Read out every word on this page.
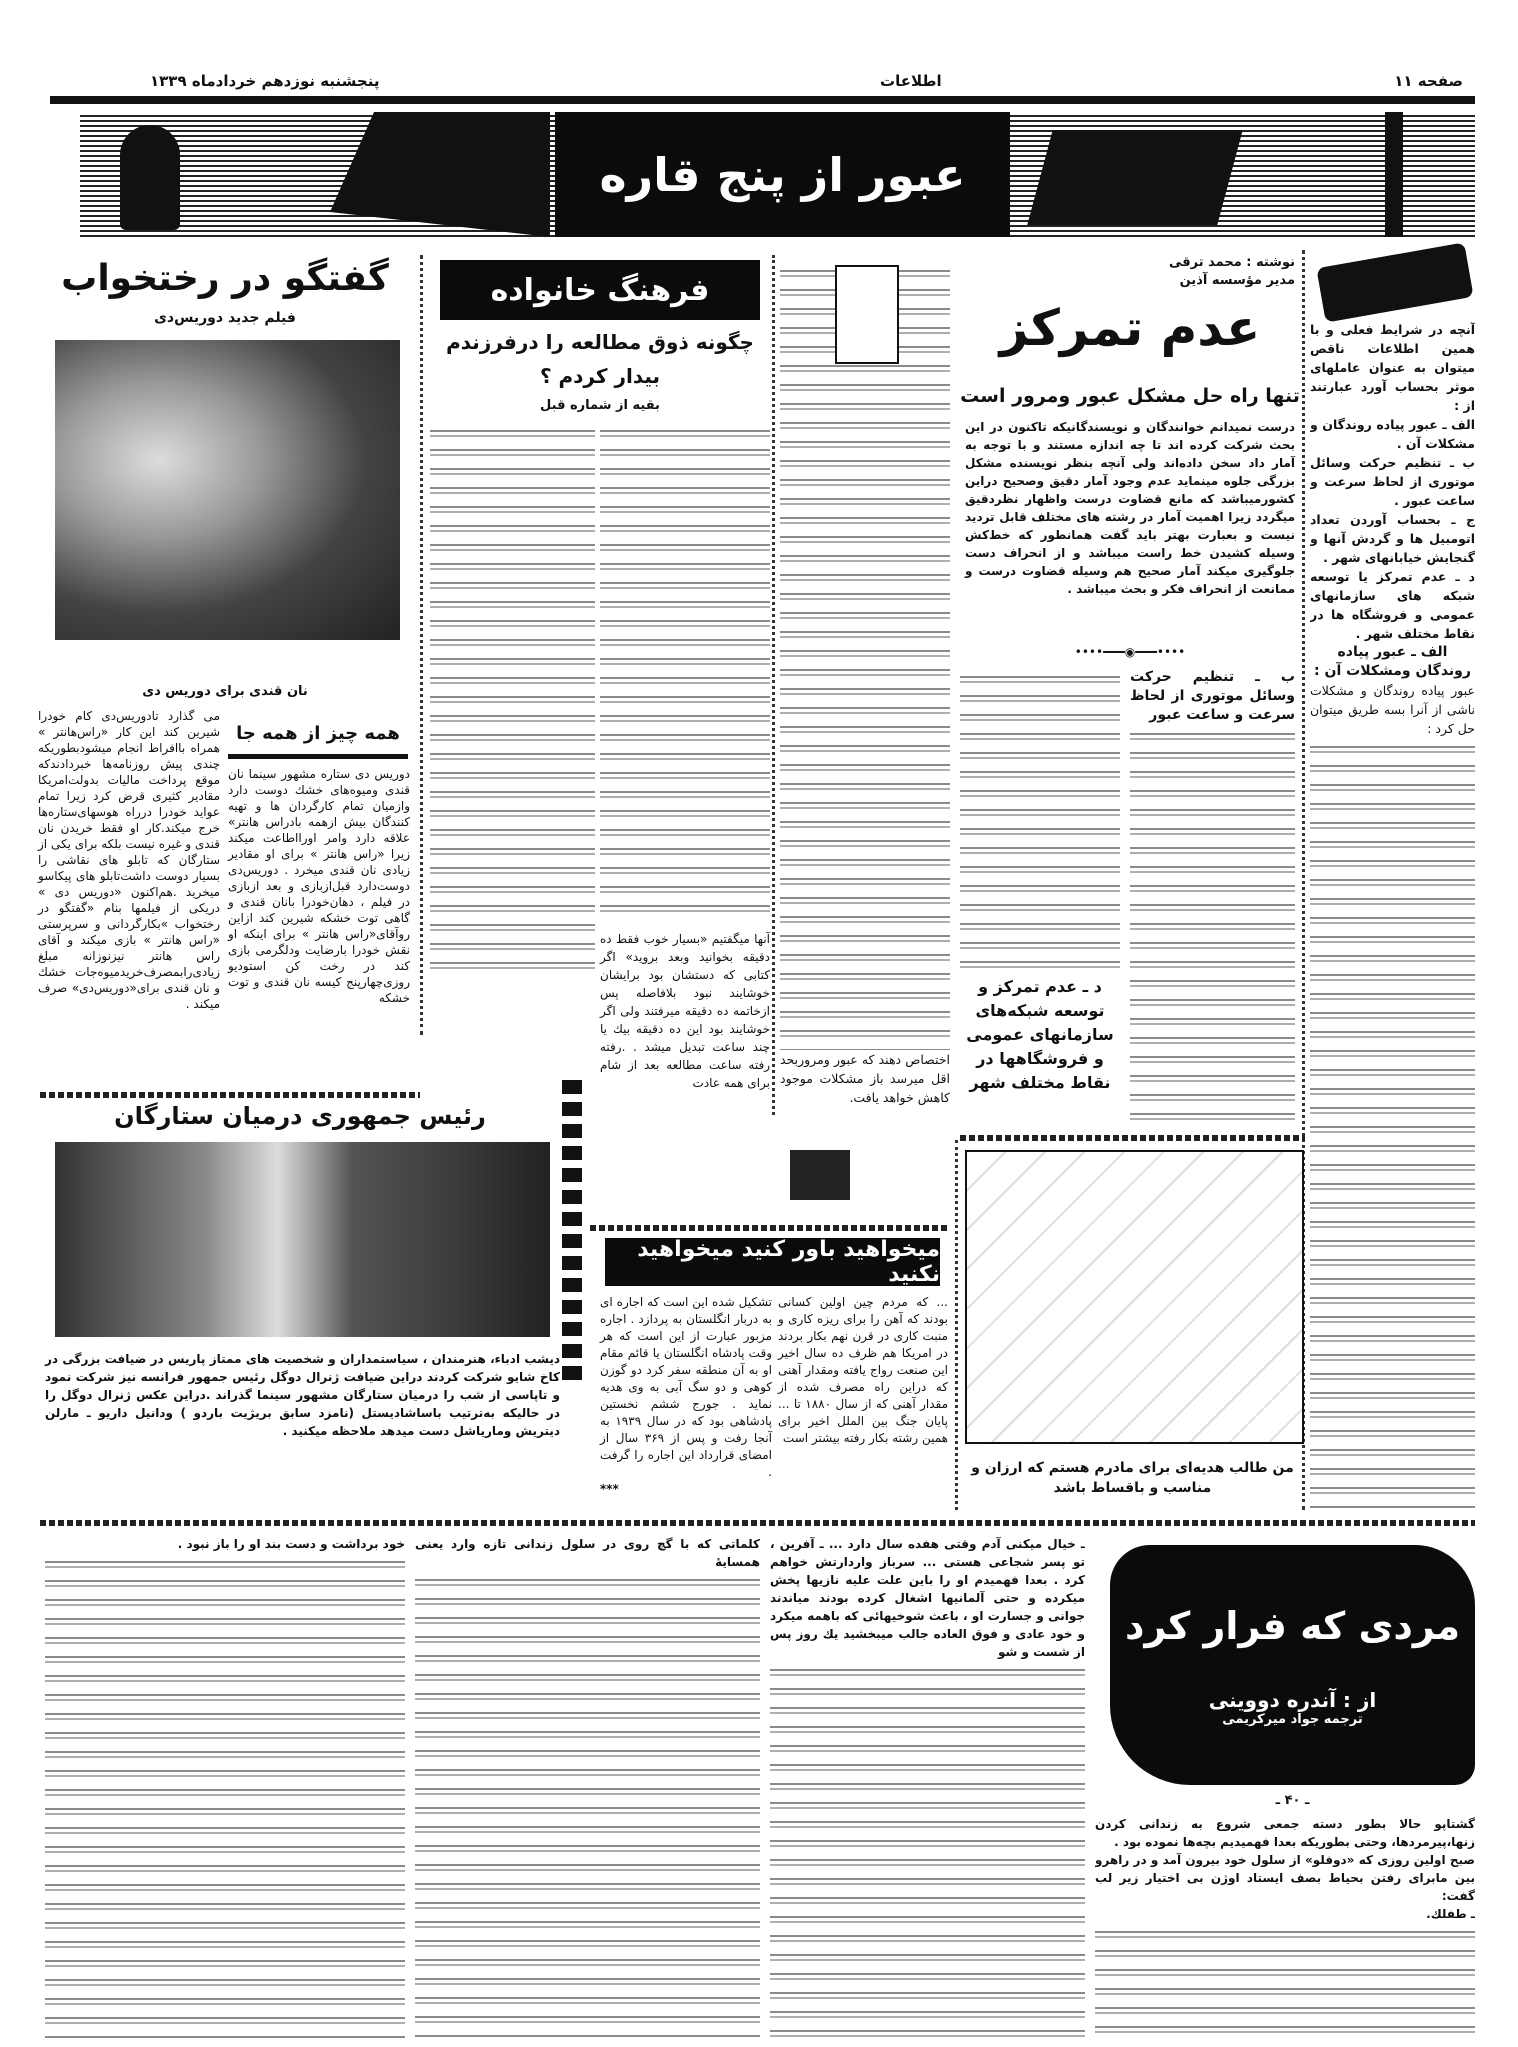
صفحه ۱۱
اطلاعات
پنجشنبه نوزدهم خردادماه ۱۳۳۹
عبور از پنج قاره
آنچه در شرایط فعلی و با همین اطلاعات ناقص میتوان به عنوان عاملهای موثر بحساب آورد عبارتند از :
الف ـ عبور پیاده روندگان و مشکلات آن .
ب ـ تنظیم حرکت وسائل موتوری از لحاظ سرعت و ساعت عبور .
ج ـ بحساب آوردن تعداد اتومبیل ها و گردش آنها و گنجایش خیابانهای شهر .
د ـ عدم تمرکز یا توسعه شبکه های سازمانهای عمومی و فروشگاه ها در نقاط مختلف شهر .
الف ـ عبور پیاده روندگان ومشکلات آن :
عبور پیاده روندگان و مشکلات ناشی از آنرا بسه طریق میتوان حل کرد :
نوشته : محمد ترقی
مدیر مؤسسه آذین
عدم تمرکز
تنها راه حل مشکل عبور ومرور است
درست نمیدانم خوانندگان و نویسندگانیکه تاکنون در این بحث شرکت کرده اند تا چه اندازه مستند و با توجه به آمار داد سخن داده‌اند ولی آنچه بنظر نویسنده مشکل بزرگی جلوه مینماید عدم وجود آمار دقیق وصحیح دراین کشورمیباشد که مانع قضاوت درست واظهار نظردقیق میگردد زیرا اهمیت آمار در رشته های مختلف قابل تردید نیست و بعبارت بهتر باید گفت همانطور که خط‌کش وسیله کشیدن خط راست میباشد و از انحراف دست جلوگیری میکند آمار صحیح هم وسیله قضاوت درست و ممانعت از انحراف فکر و بحث میباشد .
••••━━━◉━━━••••
ب ـ تنظیم حرکت وسائل موتوری از لحاظ سرعت و ساعت عبور
د ـ عدم تمرکز و توسعه شبکه‌های سازمانهای عمومی و فروشگاهها در نقاط مختلف شهر
اختصاص دهند که عبور ومروربحد اقل میرسد باز مشکلات موجود کاهش خواهد یافت.
فرهنگ خانواده
چگونه ذوق مطالعه را درفرزندم بیدار کردم ؟
بقیه از شماره قبل
آنها میگفتیم «بسیار خوب فقط ده دقیقه بخوانید وبعد بروید» اگر کتابی که دستشان بود برایشان خوشایند نبود بلافاصله پس ازخاتمه ده دقیقه میرفتند ولی اگر خوشایند بود این ده دقیقه بیك یا چند ساعت تبدیل میشد . .رفته رفته ساعت مطالعه بعد از شام برای همه عادت
گفتگو در رختخواب
فیلم جدید دوریس‌دی
نان قندی برای دوریس دی
همه چیز از همه جا
دوریس دی ستاره مشهور سینما نان قندی ومیوه‌های خشك دوست دارد وازمیان تمام کارگردان ها و تهیه کنندگان بیش ازهمه بادراس هانتر» علاقه دارد وامر اورااطاعت میکند زیرا «راس هانتر » برای او مقادیر زیادی نان قندی میخرد . دوریس‌دی دوست‌دارد قبل‌ازبازی و بعد ازبازی در فیلم ، دهان‌خودرا بانان قندی و گاهی توت خشکه شیرین کند ازاین روآقای«راس هانتر » برای اینکه او نقش خودرا بارضایت ودلگرمی بازی کند در رخت کن استودیو روزی‌چهارپنج کیسه نان قندی و توت خشکه
می گذارد تادوریس‌دی کام خودرا شیرین کند این کار «راس‌هانتر » همراه باافراط انجام میشودبطوریکه چندی پیش روزنامه‌ها خبردادندکه موقع پرداخت مالیات بدولت‌امریکا مقادیر کثیری قرض کرد زیرا تمام عواید خودرا درراه هوسهای‌ستاره‌ها خرج میکند.کار او فقط خریدن نان قندی و غیره نیست بلکه برای یکی از ستارگان که تابلو های نقاشی را بسیار دوست داشت‌تابلو های پیکاسو میخرید .هم‌اکنون «دوریس دی » دریکی از فیلمها بنام «گفتگو در رختخواب »بکارگردانی و سرپرستی «راس هانتر » بازی میکند و آقای راس هانتر نیزنوزانه مبلغ زیادی‌رابمصرف‌خریدمیوه‌جات خشك و نان قندی برای«دوریس‌دی» صرف میکند .
رئیس جمهوری درمیان ستارگان
دیشب ادباء، هنرمندان ، سیاستمداران و شخصیت های ممتاز پاریس در ضیافت بزرگی در کاخ شایو شرکت کردند دراین ضیافت ژنرال دوگل رئیس جمهور فرانسه نیز شرکت نمود و تاپاسی از شب را درمیان ستارگان مشهور سینما گذراند .دراین عکس ژنرال دوگل را در حالیکه به‌ترتیب باساشادیستل (نامزد سابق بریژیت باردو ) ودانیل داریو ـ مارلن دیتریش وماریاشل دست میدهد ملاحظه میکنید .
میخواهید باور کنید میخواهید نکنید
... که مردم چین اولین کسانی بودند که آهن را برای ریزه کاری و منبت کاری در قرن نهم بکار بردند در امریکا هم ظرف ده سال اخیر این صنعت رواج یافته ومقدار آهنی که دراین راه مصرف شده از مقدار آهنی که از سال ۱۸۸۰ تا ... پایان جنگ بین الملل اخیر برای همین رشته بکار رفته بیشتر است
تشکیل شده این است که اجاره ای به دربار انگلستان به پردازد . اجاره مزبور عبارت از این است که هر وقت پادشاه انگلستان یا قائم مقام او به آن منطقه سفر کرد دو گوزن کوهی و دو سگ آبی به وی هدیه نماید . جورج ششم نخستین پادشاهی بود که در سال ۱۹۳۹ به آنجا رفت و پس از ۳۶۹ سال از امضای قرارداد این اجاره را گرفت .
***
من طالب هدیه‌ای برای مادرم هستم که ارزان و مناسب و باقساط باشد
مردی که فرار کرد
از : آندره دووینی
ترجمه جواد میرکریمی
ـ ۴۰ ـ
گشتاپو حالا بطور دسته جمعی شروع به زندانی کردن زنها،پیرمردها، وحتی بطوریکه بعدا فهمیدیم بچه‌ها نموده بود .
صبح اولین روزی که «دوفلو» از سلول خود بیرون آمد و در راهرو بین مابرای رفتن بحیاط بصف ایستاد اوژن بی اختیار زیر لب گفت:
ـ طفلك.
ـ خیال میکنی آدم وقتی هفده سال دارد ... ـ آفرین ، تو پسر شجاعی هستی ... سرباز واردارتش خواهم کرد . بعدا فهمیدم او را باین علت علیه نازیها پخش میکرده و حتی آلمانیها اشغال کرده بودند میاندند جوانی و جسارت او ، باعث شوخیهائی که باهمه میکرد و خود عادی و فوق العاده جالب میبخشید یك روز پس از شست و شو
کلماتی که با گچ روی در سلول زندانی تازه وارد یعنی همسایهٔ
خود برداشت و دست بند او را باز نبود .
